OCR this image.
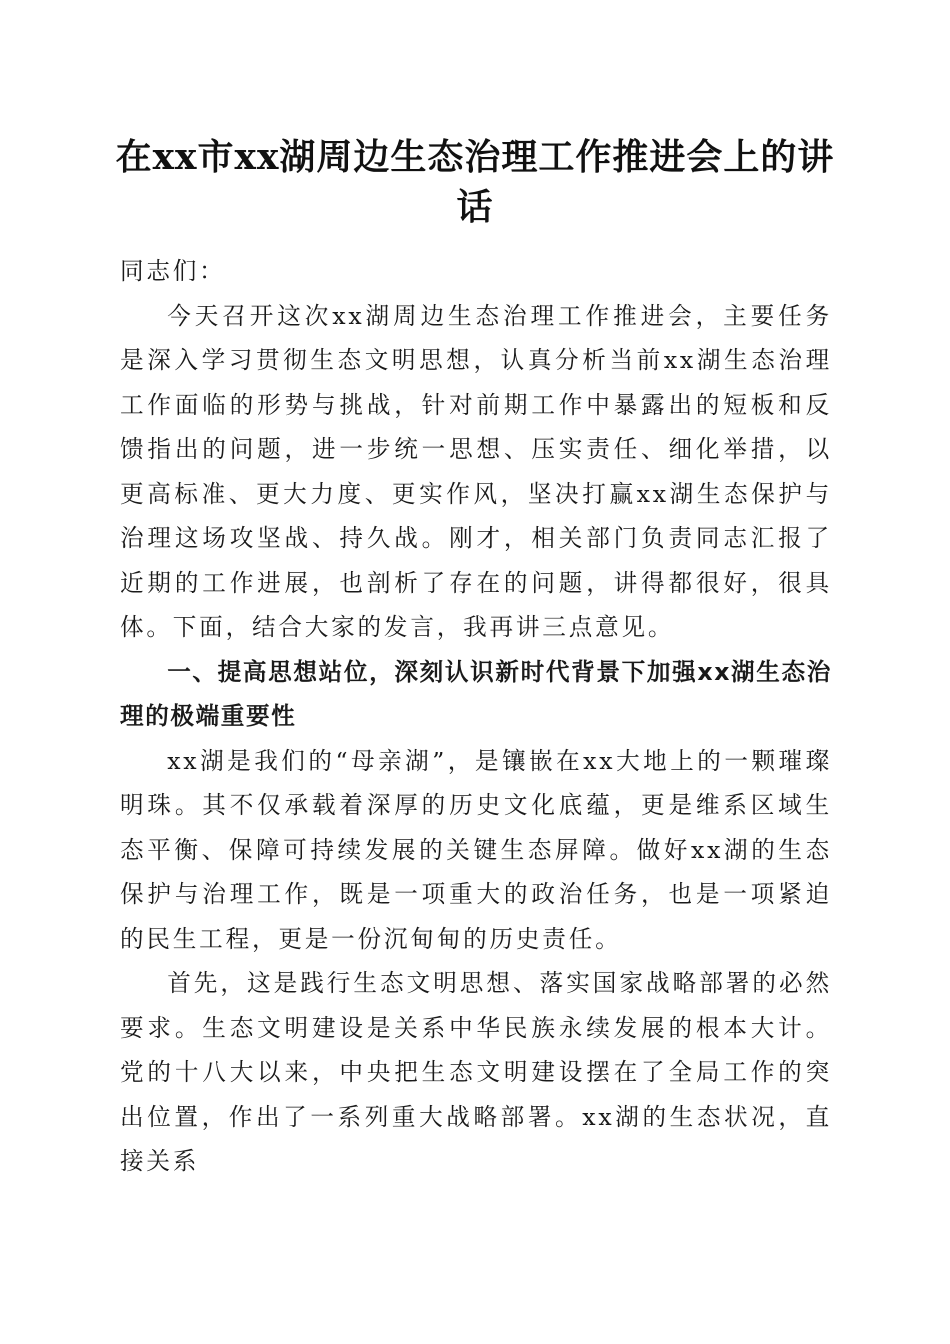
在xx市xx湖周边生态治理工作推进会上的讲话

同志们：

今天召开这次xx湖周边生态治理工作推进会，主要任务是深入学习贯彻生态文明思想，认真分析当前xx湖生态治理工作面临的形势与挑战，针对前期工作中暴露出的短板和反馈指出的问题，进一步统一思想、压实责任、细化举措，以更高标准、更大力度、更实作风，坚决打赢xx湖生态保护与治理这场攻坚战、持久战。刚才，相关部门负责同志汇报了近期的工作进展，也剖析了存在的问题，讲得都很好，很具体。下面，结合大家的发言，我再讲三点意见。

一、提高思想站位，深刻认识新时代背景下加强xx湖生态治理的极端重要性

xx湖是我们的“母亲湖”，是镶嵌在xx大地上的一颗璀璨明珠。其不仅承载着深厚的历史文化底蕴，更是维系区域生态平衡、保障可持续发展的关键生态屏障。做好xx湖的生态保护与治理工作，既是一项重大的政治任务，也是一项紧迫的民生工程，更是一份沉甸甸的历史责任。

首先，这是践行生态文明思想、落实国家战略部署的必然要求。生态文明建设是关系中华民族永续发展的根本大计。党的十八大以来，中央把生态文明建设摆在了全局工作的突出位置，作出了一系列重大战略部署。xx湖的生态状况，直接关系
